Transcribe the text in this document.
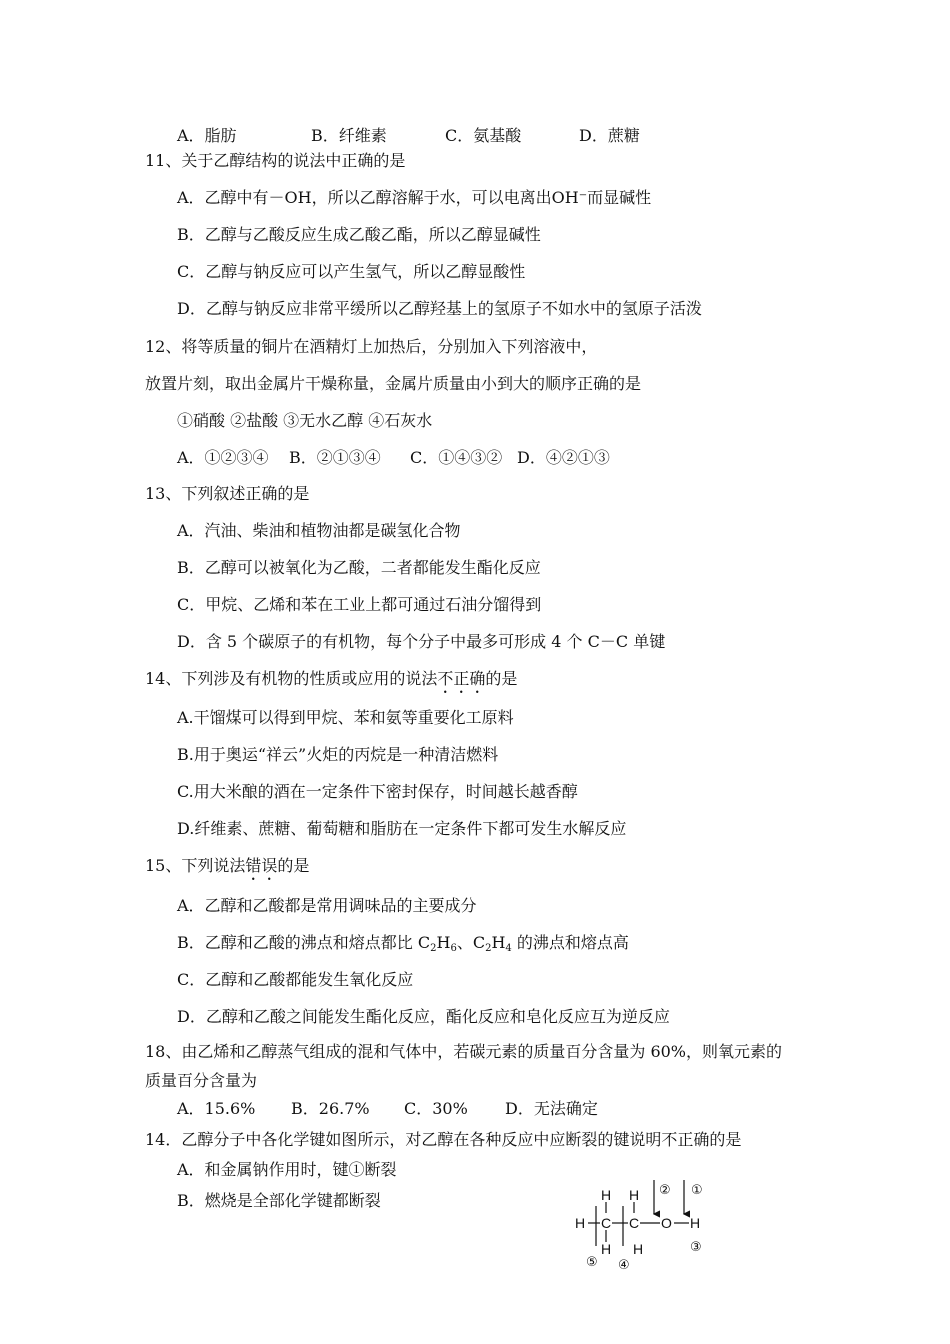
A．脂肪	B．纤维素	C．氨基酸	D．蔗糖
11、关于乙醇结构的说法中正确的是
A．乙醇中有－OH，所以乙醇溶解于水，可以电离出OH⁻而显碱性
B．乙醇与乙酸反应生成乙酸乙酯，所以乙醇显碱性
C．乙醇与钠反应可以产生氢气，所以乙醇显酸性
D．乙醇与钠反应非常平缓所以乙醇羟基上的氢原子不如水中的氢原子活泼
12、将等质量的铜片在酒精灯上加热后，分别加入下列溶液中，
放置片刻，取出金属片干燥称量，金属片质量由小到大的顺序正确的是
①硝酸 ②盐酸 ③无水乙醇 ④石灰水
A．①②③④ B．②①③④ C．①④③② D．④②①③
13、下列叙述正确的是
A．汽油、柴油和植物油都是碳氢化合物
B．乙醇可以被氧化为乙酸，二者都能发生酯化反应
C．甲烷、乙烯和苯在工业上都可通过石油分馏得到
D．含 5 个碳原子的有机物，每个分子中最多可形成 4 个 C－C 单键
14、下列涉及有机物的性质或应用的说法不正确的是
A.干馏煤可以得到甲烷、苯和氨等重要化工原料
B.用于奥运“祥云”火炬的丙烷是一种清洁燃料
C.用大米酿的酒在一定条件下密封保存，时间越长越香醇
D.纤维素、蔗糖、葡萄糖和脂肪在一定条件下都可发生水解反应
15、下列说法错误的是
A．乙醇和乙酸都是常用调味品的主要成分
B．乙醇和乙酸的沸点和熔点都比 $C_2H_6$、$C_2H_4$ 的沸点和熔点高
C．乙醇和乙酸都能发生氧化反应
D．乙醇和乙酸之间能发生酯化反应，酯化反应和皂化反应互为逆反应
18、由乙烯和乙醇蒸气组成的混和气体中，若碳元素的质量百分含量为 60%，则氧元素的
质量百分含量为
A．15.6% B．26.7% C．30% D．无法确定
14．乙醇分子中各化学键如图所示，对乙醇在各种反应中应断裂的键说明不正确的是
A．和金属钠作用时，键①断裂
B．燃烧是全部化学键都断裂	H H
H C C O H
H H
② ①
③
⑤ ④
